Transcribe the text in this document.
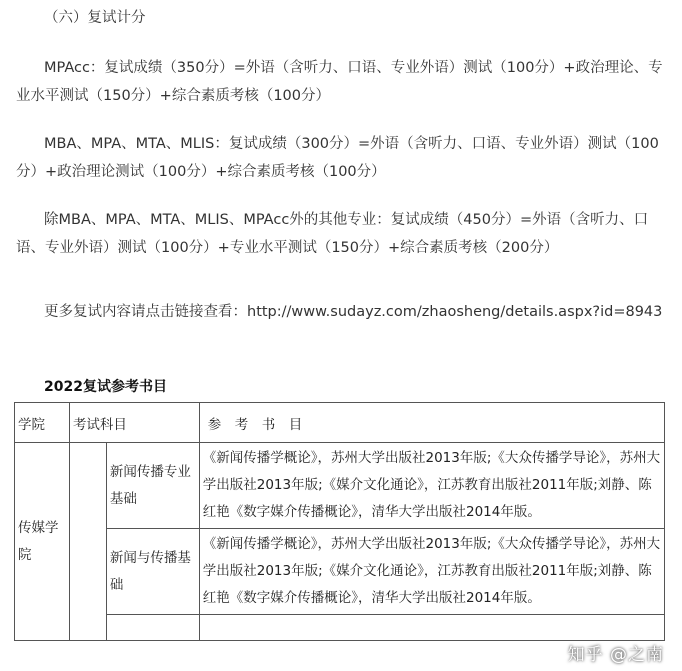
（六）复试计分
MPAcc：复试成绩（350分）=外语（含听力、口语、专业外语）测试（100分）+政治理论、专业水平测试（150分）+综合素质考核（100分）
MBA、MPA、MTA、MLIS：复试成绩（300分）=外语（含听力、口语、专业外语）测试（100分）+政治理论测试（100分）+综合素质考核（100分）
除MBA、MPA、MTA、MLIS、MPAcc外的其他专业：复试成绩（450分）=外语（含听力、口语、专业外语）测试（100分）+专业水平测试（150分）+综合素质考核（200分）
更多复试内容请点击链接查看：http://www.sudayz.com/zhaosheng/details.aspx?id=8943
2022复试参考书目
学院	考试科目		参　考　书　目
传媒学院		新闻传播专业基础	《新闻传播学概论》，苏州大学出版社2013年版;《大众传播学导论》，苏州大学出版社2013年版;《媒介文化通论》，江苏教育出版社2011年版;刘静、陈红艳《数字媒介传播概论》，清华大学出版社2014年版。
		新闻与传播基础	《新闻传播学概论》，苏州大学出版社2013年版;《大众传播学导论》，苏州大学出版社2013年版;《媒介文化通论》，江苏教育出版社2011年版;刘静、陈红艳《数字媒介传播概论》，清华大学出版社2014年版。

知乎 @之南
